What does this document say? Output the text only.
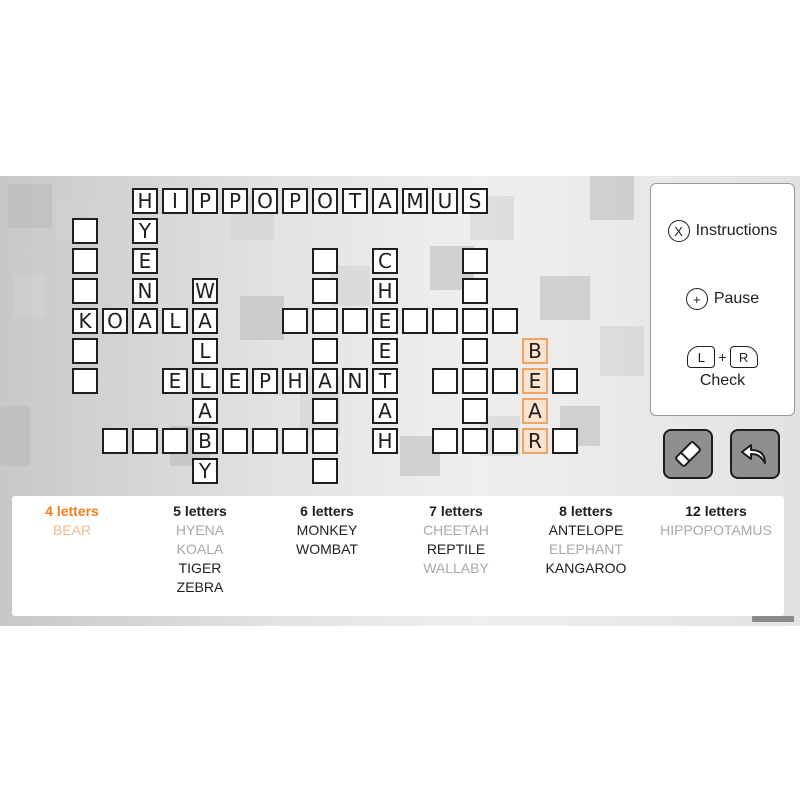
K
A
E
E
B	R
H I	P P O P O T A M U S
Y
E
N
A
O	L A
W
L
L
A
Y
E	E P H N T
C
H
E
A
H
B
A
X Instructions
+ Pause
L + R
Check
4 letters
BEAR
5 letters
HYENA
KOALA
TIGER
ZEBRA
6 letters
MONKEY
WOMBAT
7 letters
CHEETAH
REPTILE
WALLABY
8 letters
ANTELOPE
ELEPHANT
KANGAROO
12 letters
HIPPOPOTAMUS
